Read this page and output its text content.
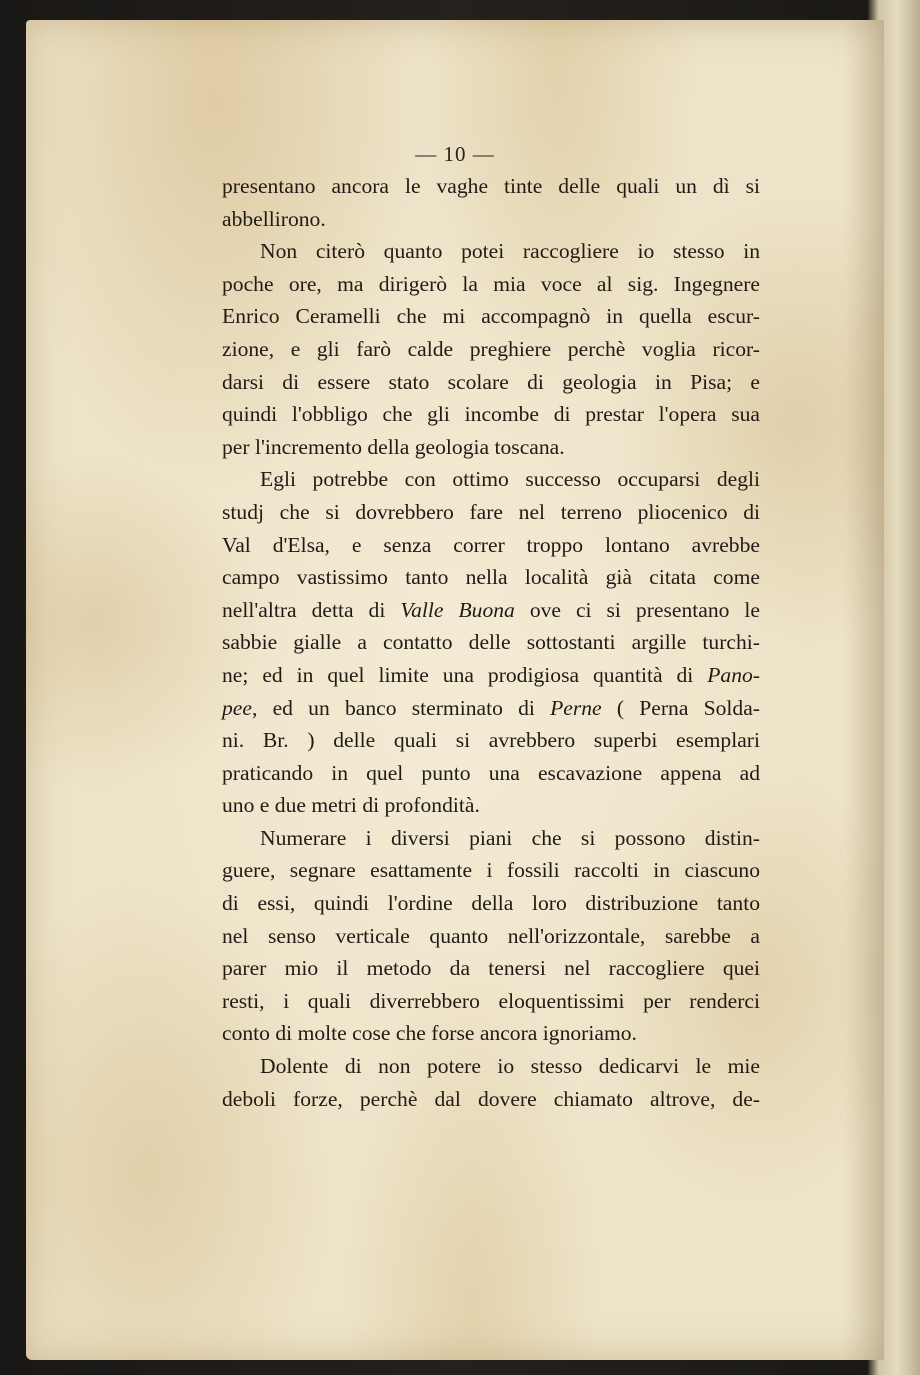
— 10 —
presentano ancora le vaghe tinte delle quali un dì si
abbellirono.
Non citerò quanto potei raccogliere io stesso in
poche ore, ma dirigerò la mia voce al sig. Ingegnere
Enrico Ceramelli che mi accompagnò in quella escur-
zione, e gli farò calde preghiere perchè voglia ricor-
darsi di essere stato scolare di geologia in Pisa; e
quindi l'obbligo che gli incombe di prestar l'opera sua
per l'incremento della geologia toscana.
Egli potrebbe con ottimo successo occuparsi degli
studj che si dovrebbero fare nel terreno pliocenico di
Val d'Elsa, e senza correr troppo lontano avrebbe
campo vastissimo tanto nella località già citata come
nell'altra detta di Valle Buona ove ci si presentano le
sabbie gialle a contatto delle sottostanti argille turchi-
ne; ed in quel limite una prodigiosa quantità di Pano-
pee, ed un banco sterminato di Perne ( Perna Solda-
ni. Br. ) delle quali si avrebbero superbi esemplari
praticando in quel punto una escavazione appena ad
uno e due metri di profondità.
Numerare i diversi piani che si possono distin-
guere, segnare esattamente i fossili raccolti in ciascuno
di essi, quindi l'ordine della loro distribuzione tanto
nel senso verticale quanto nell'orizzontale, sarebbe a
parer mio il metodo da tenersi nel raccogliere quei
resti, i quali diverrebbero eloquentissimi per renderci
conto di molte cose che forse ancora ignoriamo.
Dolente di non potere io stesso dedicarvi le mie
deboli forze, perchè dal dovere chiamato altrove, de-
